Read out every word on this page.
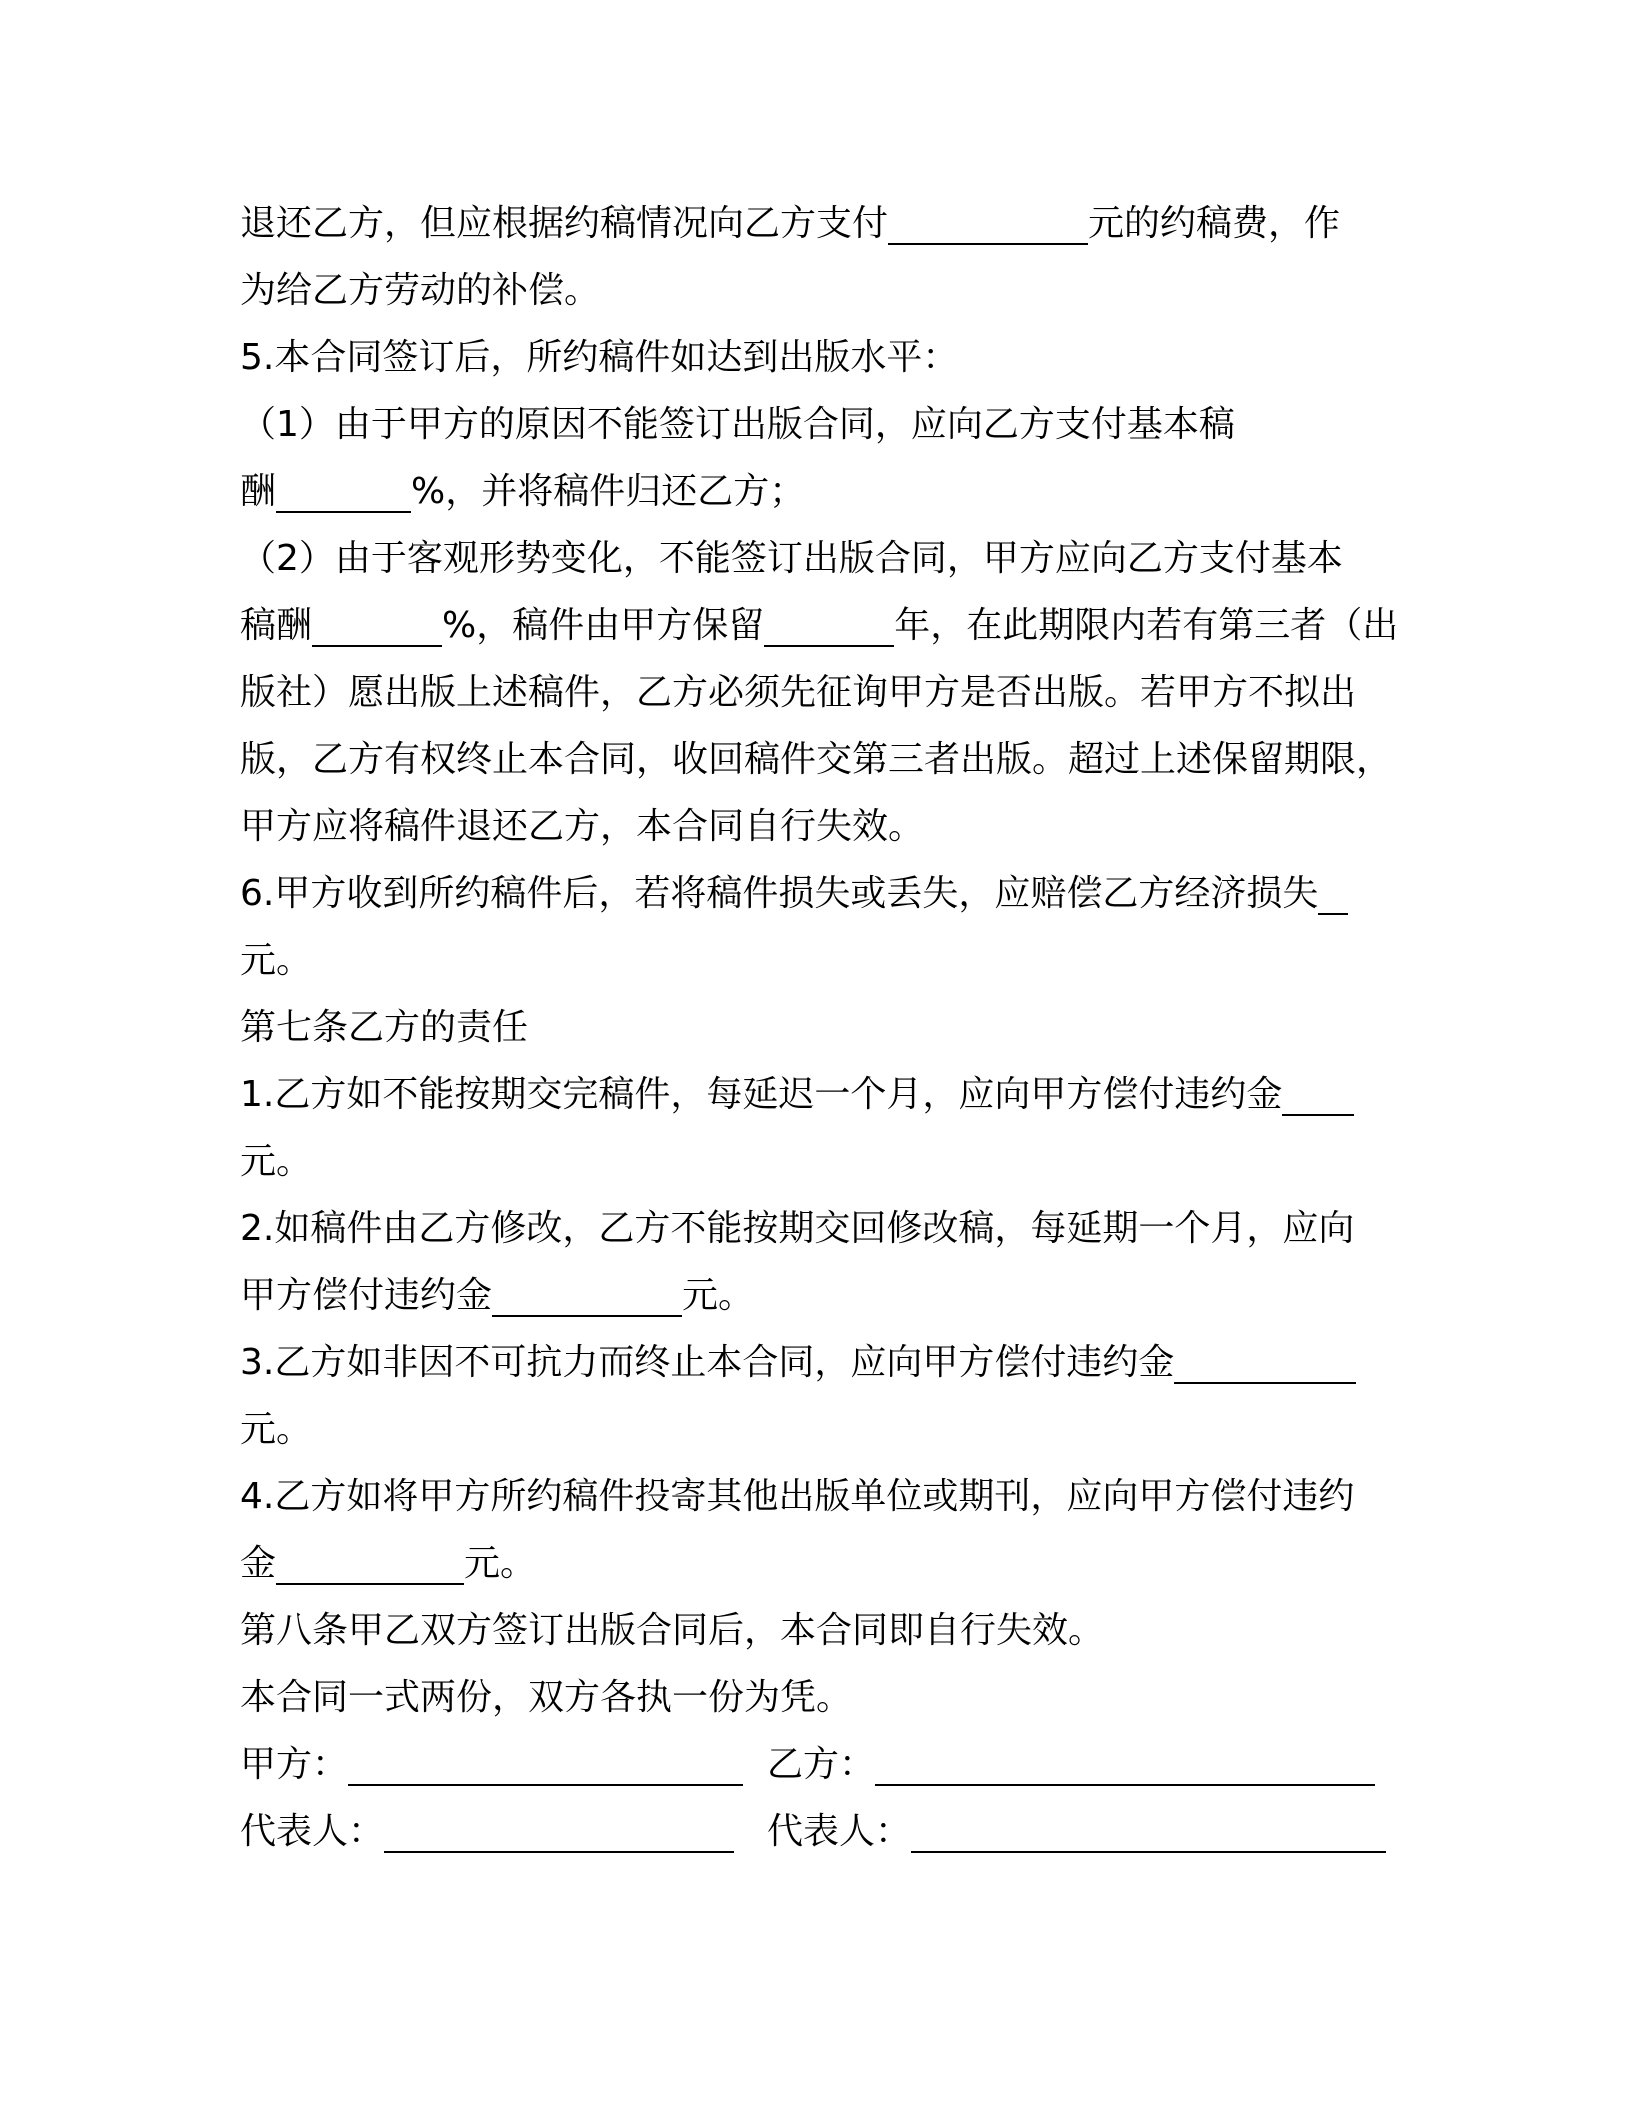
退还乙方，但应根据约稿情况向乙方支付	元的约稿费，作
为给乙方劳动的补偿。
5.本合同签订后，所约稿件如达到出版水平：
（1）由于甲方的原因不能签订出版合同，应向乙方支付基本稿
酬	%，并将稿件归还乙方；
（2）由于客观形势变化，不能签订出版合同，甲方应向乙方支付基本
稿酬	%，稿件由甲方保留	年，在此期限内若有第三者（出
版社）愿出版上述稿件，乙方必须先征询甲方是否出版。若甲方不拟出
版，乙方有权终止本合同，收回稿件交第三者出版。超过上述保留期限，
甲方应将稿件退还乙方，本合同自行失效。
6.甲方收到所约稿件后，若将稿件损失或丢失，应赔偿乙方经济损失
元。
第七条乙方的责任
1.乙方如不能按期交完稿件，每延迟一个月，应向甲方偿付违约金
元。
2.如稿件由乙方修改，乙方不能按期交回修改稿，每延期一个月，应向
甲方偿付违约金	元。
3.乙方如非因不可抗力而终止本合同，应向甲方偿付违约金
元。
4.乙方如将甲方所约稿件投寄其他出版单位或期刊，应向甲方偿付违约
金	元。
第八条甲乙双方签订出版合同后，本合同即自行失效。
本合同一式两份，双方各执一份为凭。
甲方：	乙方：
代表人：	代表人：
